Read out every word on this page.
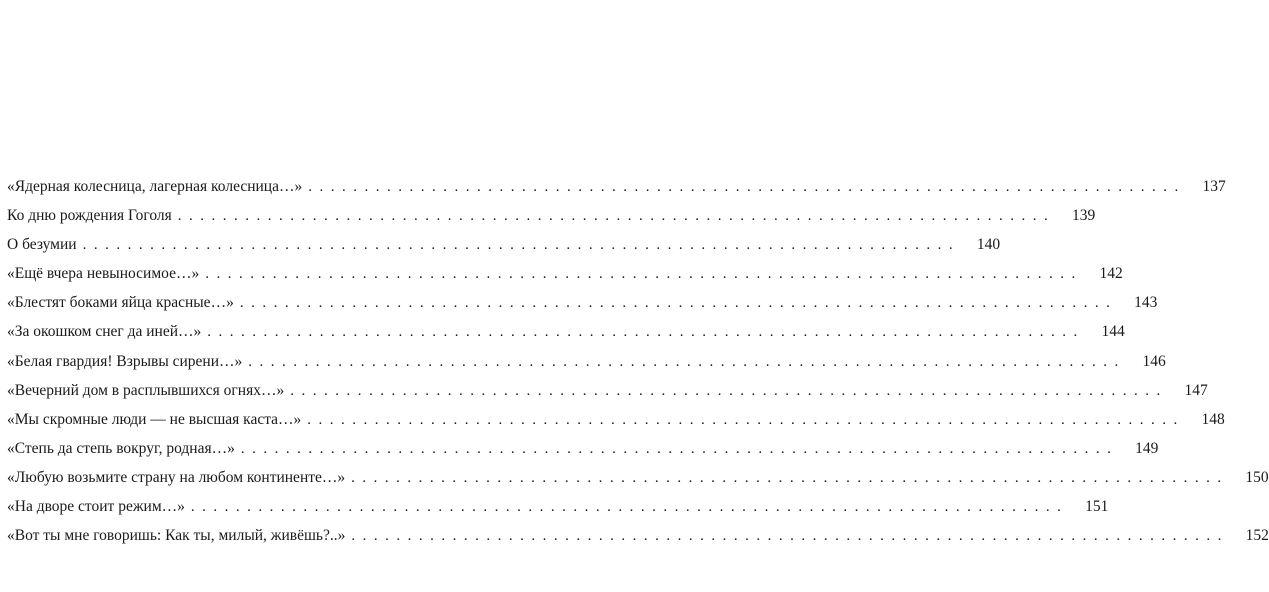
«Ядерная колесница, лагерная колесница…» ..............................................................................	137
Ко дню рождения Гоголя ..............................................................................	139
О безумии ..............................................................................	140
«Ещё вчера невыносимое…» ..............................................................................	142
«Блестят боками яйца красные…» ..............................................................................	143
«За окошком снег да иней…» ..............................................................................	144
«Белая гвардия! Взрывы сирени…» ..............................................................................	146
«Вечерний дом в расплывшихся огнях…» ..............................................................................	147
«Мы скромные люди — не высшая каста…» ..............................................................................	148
«Степь да степь вокруг, родная…» ..............................................................................	149
«Любую возьмите страну на любом континенте…» ..............................................................................	150
«На дворе стоит режим…» ..............................................................................	151
«Вот ты мне говоришь: Как ты, милый, живёшь?..» ..............................................................................	152
